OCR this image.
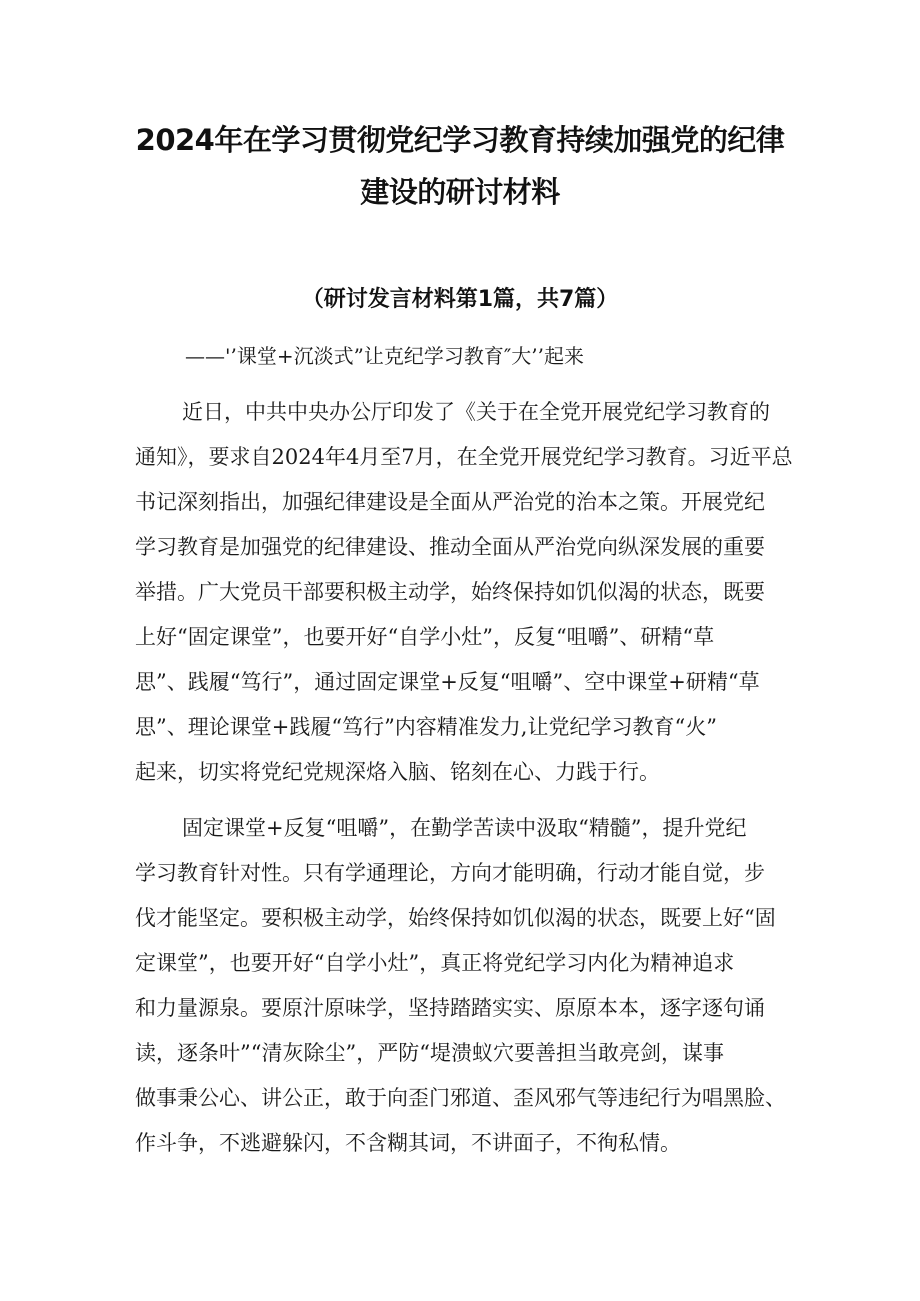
2024年在学习贯彻党纪学习教育持续加强党的纪律
建设的研讨材料
（研讨发言材料第1篇，共7篇）
——'’课堂+沉淡式”让克纪学习教育″大’’起来
近日，中共中央办公厅印发了《关于在全党开展党纪学习教育的
通知》，要求自2024年4月至7月，在全党开展党纪学习教育。习近平总
书记深刻指出，加强纪律建设是全面从严治党的治本之策。开展党纪
学习教育是加强党的纪律建设、推动全面从严治党向纵深发展的重要
举措。广大党员干部要积极主动学，始终保持如饥似渴的状态，既要
上好“固定课堂”，也要开好“自学小灶”，反复“咀嚼”、研精“草
思”、践履“笃行”，通过固定课堂+反复“咀嚼”、空中课堂+研精“草
思”、理论课堂+践履“笃行”内容精准发力,让党纪学习教育“火”
起来，切实将党纪党规深烙入脑、铭刻在心、力践于行。
固定课堂+反复“咀嚼”，在勤学苦读中汲取“精髓”，提升党纪
学习教育针对性。只有学通理论，方向才能明确，行动才能自觉，步
伐才能坚定。要积极主动学，始终保持如饥似渴的状态，既要上好“固
定课堂”，也要开好“自学小灶”，真正将党纪学习内化为精神追求
和力量源泉。要原汁原味学，坚持踏踏实实、原原本本，逐字逐句诵
读，逐条叶”“清灰除尘”，严防“堤溃蚁穴要善担当敢亮剑，谋事
做事秉公心、讲公正，敢于向歪门邪道、歪风邪气等违纪行为唱黑脸、
作斗争，不逃避躲闪，不含糊其词，不讲面子，不徇私情。
